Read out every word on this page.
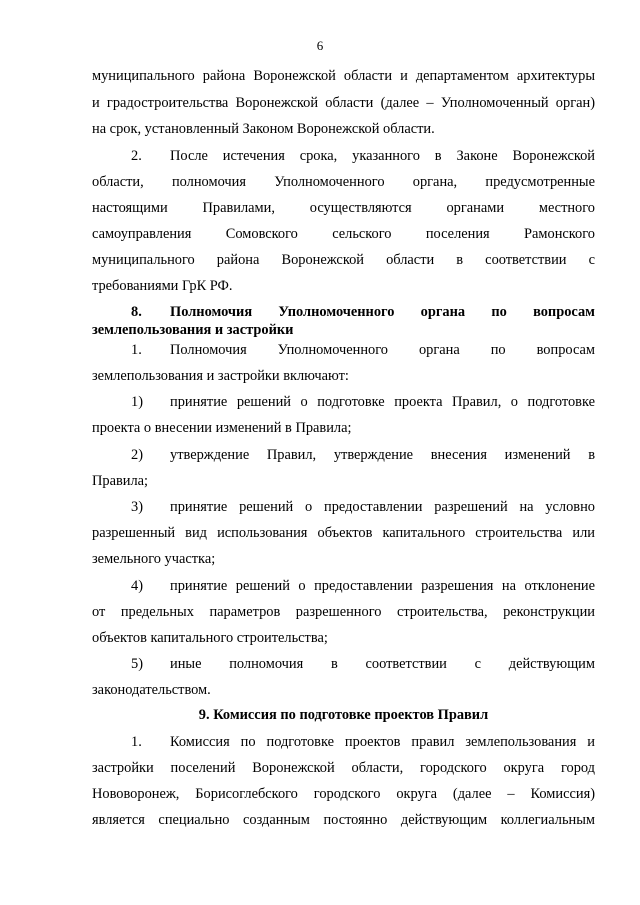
6
муниципального района Воронежской области и департаментом архитектуры
и градостроительства Воронежской области (далее – Уполномоченный орган)
на срок, установленный Законом Воронежской области.
2. После истечения срока, указанного в Законе Воронежской
области, полномочия Уполномоченного органа, предусмотренные
настоящими Правилами, осуществляются органами местного
самоуправления Сомовского сельского поселения Рамонского
муниципального района Воронежской области в соответствии с
требованиями ГрК РФ.
8. Полномочия Уполномоченного органа по вопросам
землепользования и застройки
1. Полномочия Уполномоченного органа по вопросам
землепользования и застройки включают:
1) принятие решений о подготовке проекта Правил, о подготовке
проекта о внесении изменений в Правила;
2) утверждение Правил, утверждение внесения изменений в
Правила;
3) принятие решений о предоставлении разрешений на условно
разрешенный вид использования объектов капитального строительства или
земельного участка;
4) принятие решений о предоставлении разрешения на отклонение
от предельных параметров разрешенного строительства, реконструкции
объектов капитального строительства;
5) иные полномочия в соответствии с действующим
законодательством.
9. Комиссия по подготовке проектов Правил
1. Комиссия по подготовке проектов правил землепользования и
застройки поселений Воронежской области, городского округа город
Нововоронеж, Борисоглебского городского округа (далее – Комиссия)
является специально созданным постоянно действующим коллегиальным
